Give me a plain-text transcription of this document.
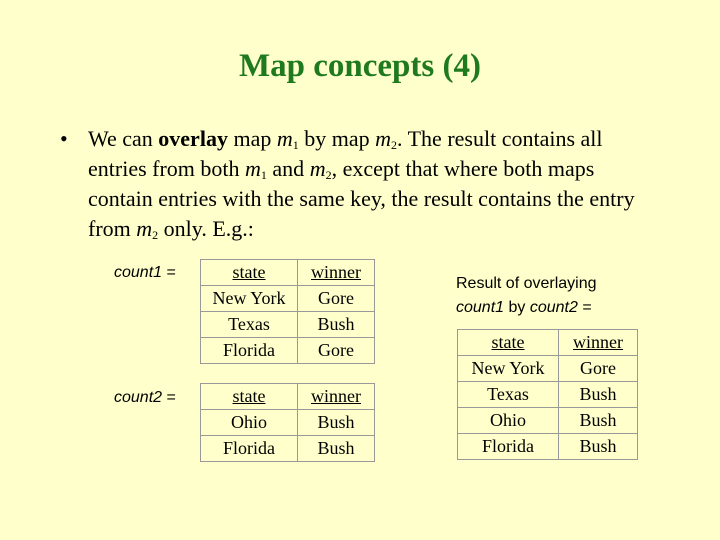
Map concepts (4)
• We can overlay map $m_1$ by map $m_2$. The result contains all entries from both $m_1$ and $m_2$, except that where both maps contain entries with the same key, the result contains the entry from $m_2$ only. E.g.:
count1 =	state	winner
New York	Gore
Texas	Bush
Florida	Gore
count2 =	state	winner
Ohio	Bush
Florida	Bush
Result of overlaying
count1 by count2 =
state	winner
New York	Gore
Texas	Bush
Ohio	Bush
Florida	Bush
